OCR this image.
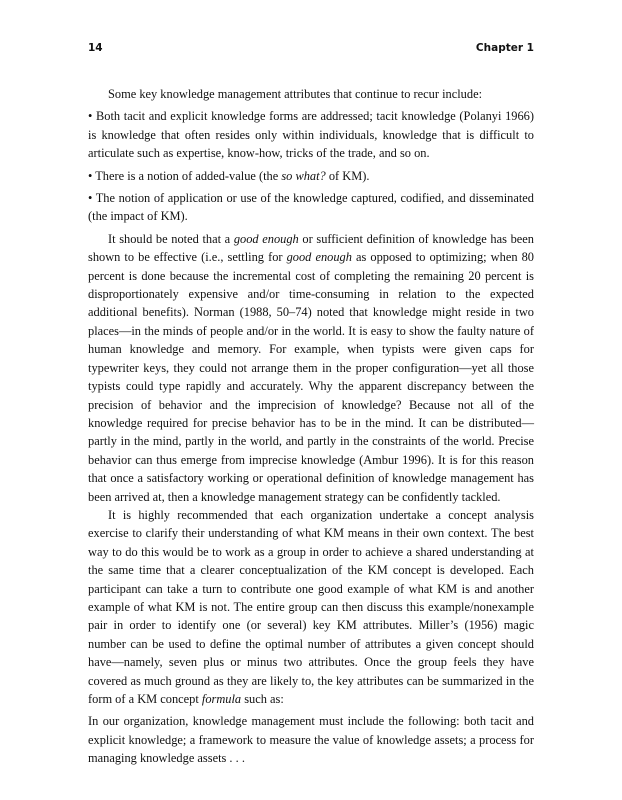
14	Chapter 1

Some key knowledge management attributes that continue to recur include:

• Both tacit and explicit knowledge forms are addressed; tacit knowledge (Polanyi 1966) is knowledge that often resides only within individuals, knowledge that is difficult to articulate such as expertise, know-how, tricks of the trade, and so on.

• There is a notion of added-value (the so what? of KM).

• The notion of application or use of the knowledge captured, codified, and disseminated (the impact of KM).

It should be noted that a good enough or sufficient definition of knowledge has been shown to be effective (i.e., settling for good enough as opposed to optimizing; when 80 percent is done because the incremental cost of completing the remaining 20 percent is disproportionately expensive and/or time-consuming in relation to the expected additional benefits). Norman (1988, 50–74) noted that knowledge might reside in two places—in the minds of people and/or in the world. It is easy to show the faulty nature of human knowledge and memory. For example, when typists were given caps for typewriter keys, they could not arrange them in the proper configuration—yet all those typists could type rapidly and accurately. Why the apparent discrepancy between the precision of behavior and the imprecision of knowledge? Because not all of the knowledge required for precise behavior has to be in the mind. It can be distributed—partly in the mind, partly in the world, and partly in the constraints of the world. Precise behavior can thus emerge from imprecise knowledge (Ambur 1996). It is for this reason that once a satisfactory working or operational definition of knowledge management has been arrived at, then a knowledge management strategy can be confidently tackled.

It is highly recommended that each organization undertake a concept analysis exercise to clarify their understanding of what KM means in their own context. The best way to do this would be to work as a group in order to achieve a shared understanding at the same time that a clearer conceptualization of the KM concept is developed. Each participant can take a turn to contribute one good example of what KM is and another example of what KM is not. The entire group can then discuss this example/nonexample pair in order to identify one (or several) key KM attributes. Miller’s (1956) magic number can be used to define the optimal number of attributes a given concept should have—namely, seven plus or minus two attributes. Once the group feels they have covered as much ground as they are likely to, the key attributes can be summarized in the form of a KM concept formula such as:

In our organization, knowledge management must include the following: both tacit and explicit knowledge; a framework to measure the value of knowledge assets; a process for managing knowledge assets . . .
